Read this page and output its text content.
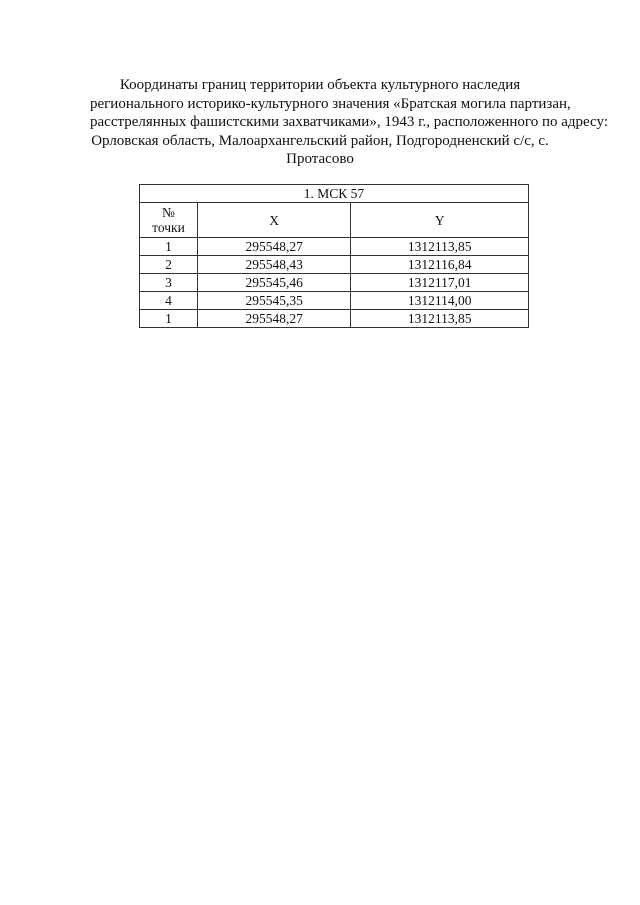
Координаты границ территории объекта культурного наследия
регионального историко-культурного значения «Братская могила партизан,
расстрелянных фашистскими захватчиками», 1943 г., расположенного по адресу:
Орловская область, Малоархангельский район, Подгородненский с/с, с.
Протасово
1. МСК 57		
№
точки	X	Y
1	295548,27	1312113,85
2	295548,43	1312116,84
3	295545,46	1312117,01
4	295545,35	1312114,00
1	295548,27	1312113,85
